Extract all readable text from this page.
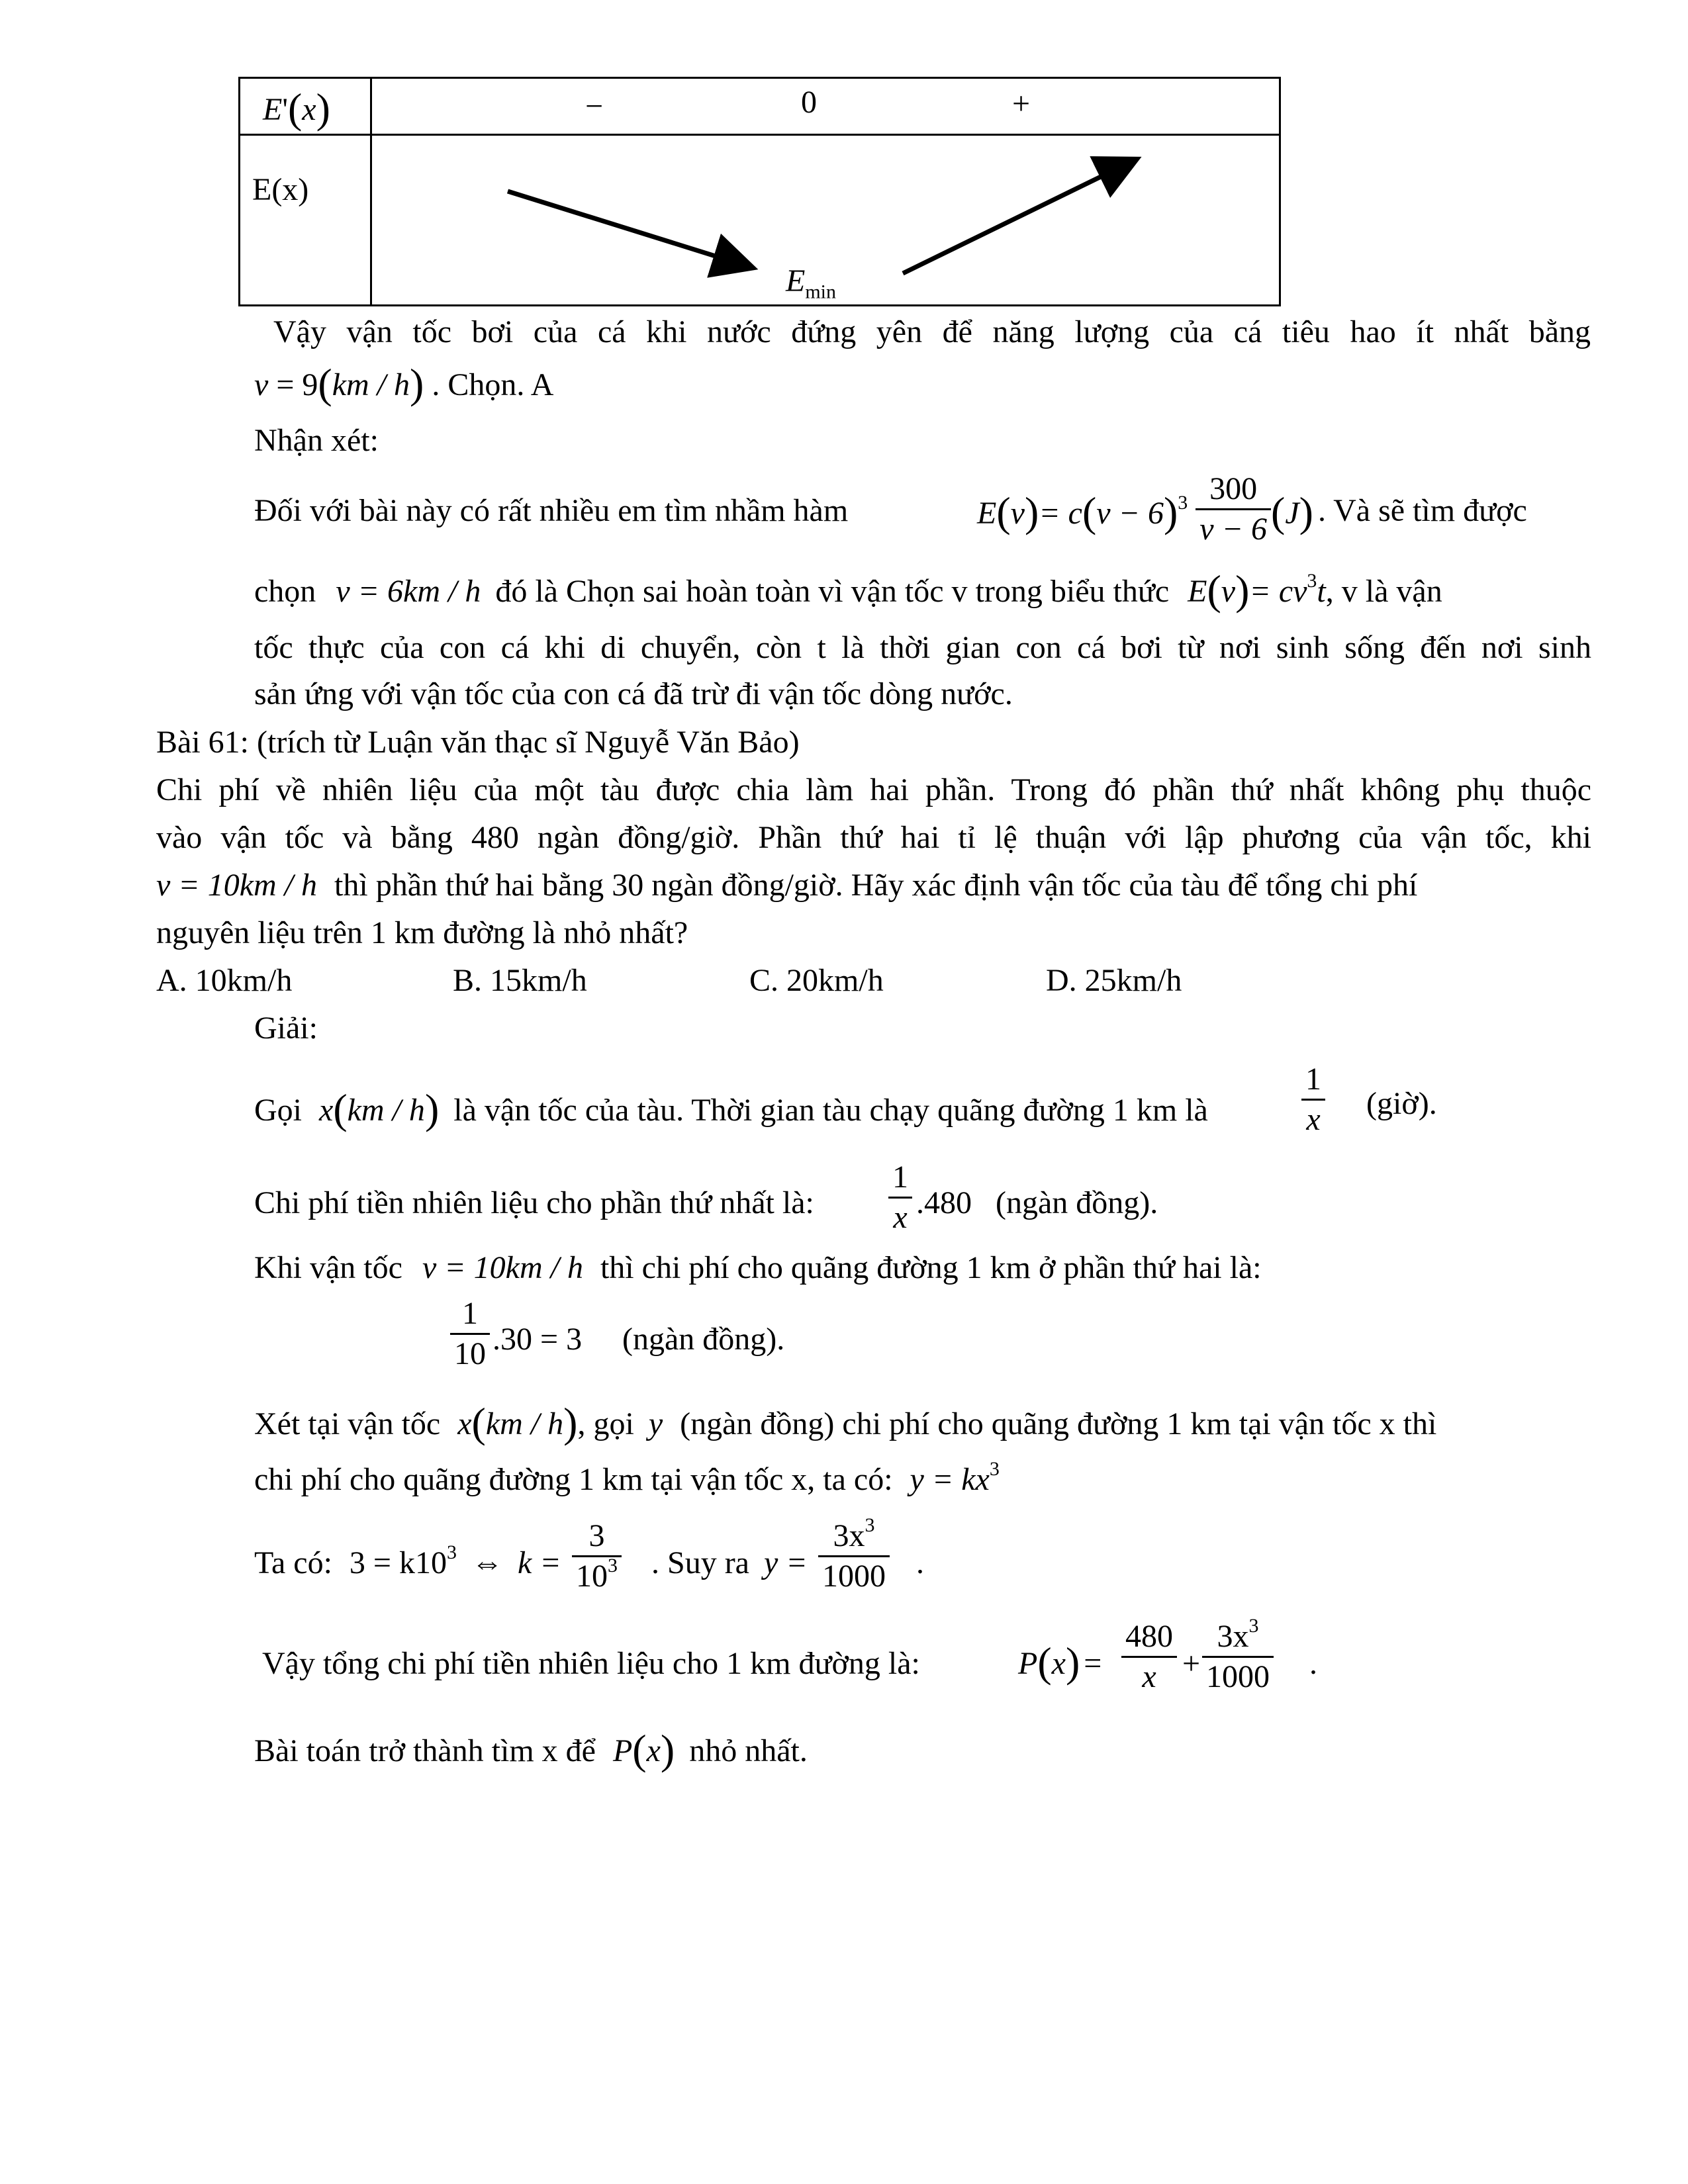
E'(x)	− 0 +

E(x)	$E_{min}$
Vậy vận tốc bơi của cá khi nước đứng yên để năng lượng của cá tiêu hao ít nhất bằng
v = 9(km / h) . Chọn. A
Nhận xét:
Đối với bài này có rất nhiều em tìm nhầm hàm	$E(v)= c(v - 6)^3 \frac{300}{v - 6} (J)$ . Và sẽ tìm được
chọn v = 6km / h đó là Chọn sai hoàn toàn vì vận tốc v trong biểu thức $E(v)= cv^3t$, v là vận
tốc thực của con cá khi di chuyển, còn t là thời gian con cá bơi từ nơi sinh sống đến nơi sinh
sản ứng với vận tốc của con cá đã trừ đi vận tốc dòng nước.
Bài 61: (trích từ Luận văn thạc sĩ Nguyễ Văn Bảo)
Chi phí về nhiên liệu của một tàu được chia làm hai phần. Trong đó phần thứ nhất không phụ thuộc
vào vận tốc và bằng 480 ngàn đồng/giờ. Phần thứ hai tỉ lệ thuận với lập phương của vận tốc, khi
v = 10km / h thì phần thứ hai bằng 30 ngàn đồng/giờ. Hãy xác định vận tốc của tàu để tổng chi phí
nguyên liệu trên 1 km đường là nhỏ nhất?
A. 10km/h	B. 15km/h	C. 20km/h	D. 25km/h
Giải:
Gọi x(km / h) là vận tốc của tàu. Thời gian tàu chạy quãng đường 1 km là	$\frac{1}{x}$ (giờ).
Chi phí tiền nhiên liệu cho phần thứ nhất là: $\frac{1}{x} .480$ (ngàn đồng).
Khi vận tốc v = 10km / h thì chi phí cho quãng đường 1 km ở phần thứ hai là:
$\frac{1}{10} .30 = 3$ (ngàn đồng).
Xét tại vận tốc x(km / h), gọi y (ngàn đồng) chi phí cho quãng đường 1 km tại vận tốc x thì
chi phí cho quãng đường 1 km tại vận tốc x, ta có: $y = kx^3$
Ta có: $3 = k10^3$ ⇔ $k = \frac{3}{10^3}$ . Suy ra $y = \frac{3x^3}{1000}$ .
Vậy tổng chi phí tiền nhiên liệu cho 1 km đường là:	$P(x) = \frac{480}{x} + \frac{3x^3}{1000}$ .
Bài toán trở thành tìm x để P(x) nhỏ nhất.
